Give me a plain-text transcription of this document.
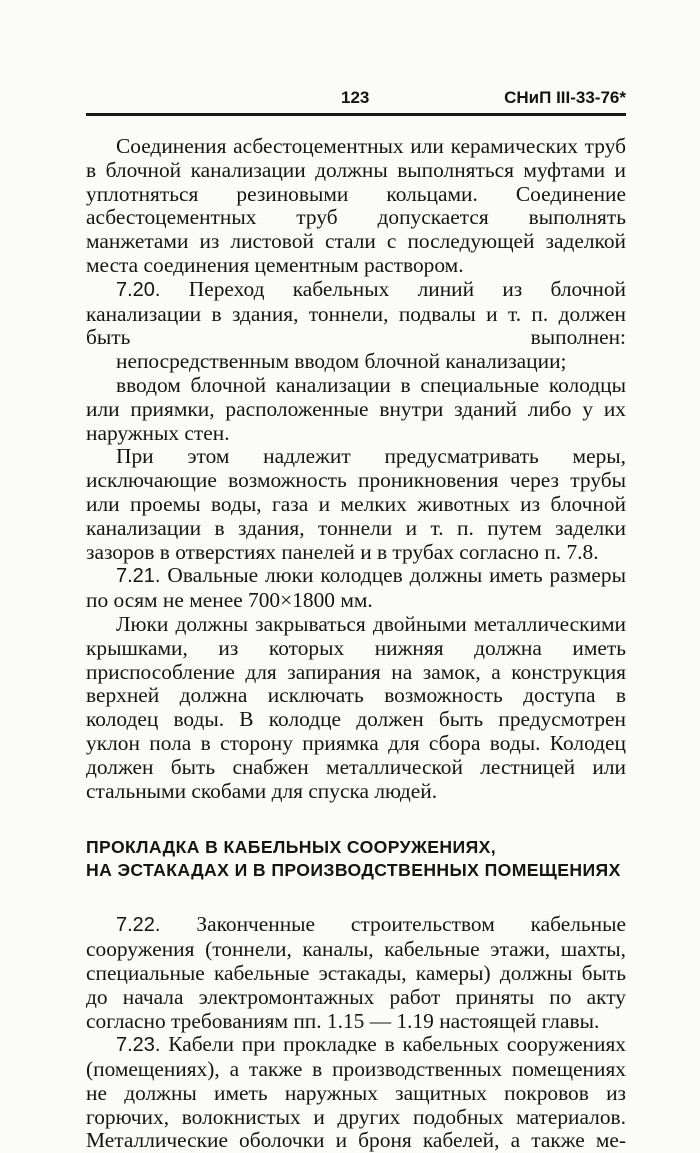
123	СНиП III-33-76*

Соединения асбестоцементных или керамических труб в блочной канализации должны выполняться муфтами и уплотняться резиновыми кольцами. Соединение асбестоцементных труб допускается выполнять манжетами из листовой стали с последующей заделкой места соединения цементным раствором.

7.20. Переход кабельных линий из блочной канализации в здания, тоннели, подвалы и т. п. должен быть выполнен:

непосредственным вводом блочной канализации;

вводом блочной канализации в специальные колодцы или приямки, расположенные внутри зданий либо у их наружных стен.

При этом надлежит предусматривать меры, исключающие возможность проникновения через трубы или проемы воды, газа и мелких животных из блочной канализации в здания, тоннели и т. п. путем заделки зазоров в отверстиях панелей и в трубах согласно п. 7.8.

7.21. Овальные люки колодцев должны иметь размеры по осям не менее 700×1800 мм.

Люки должны закрываться двойными металлическими крышками, из которых нижняя должна иметь приспособление для запирания на замок, а конструкция верхней должна исключать возможность доступа в колодец воды. В колодце должен быть предусмотрен уклон пола в сторону приямка для сбора воды. Колодец должен быть снабжен металлической лестницей или стальными скобами для спуска людей.

ПРОКЛАДКА В КАБЕЛЬНЫХ СООРУЖЕНИЯХ,
НА ЭСТАКАДАХ И В ПРОИЗВОДСТВЕННЫХ ПОМЕЩЕНИЯХ

7.22. Законченные строительством кабельные сооружения (тоннели, каналы, кабельные этажи, шахты, специальные кабельные эстакады, камеры) должны быть до начала электромонтажных работ приняты по акту согласно требованиям пп. 1.15 — 1.19 настоящей главы.

7.23. Кабели при прокладке в кабельных сооружениях (помещениях), а также в производственных помещениях не должны иметь наружных защитных покровов из горючих, волокнистых и других подобных материалов. Металлические оболочки и броня кабелей, а также ме-
